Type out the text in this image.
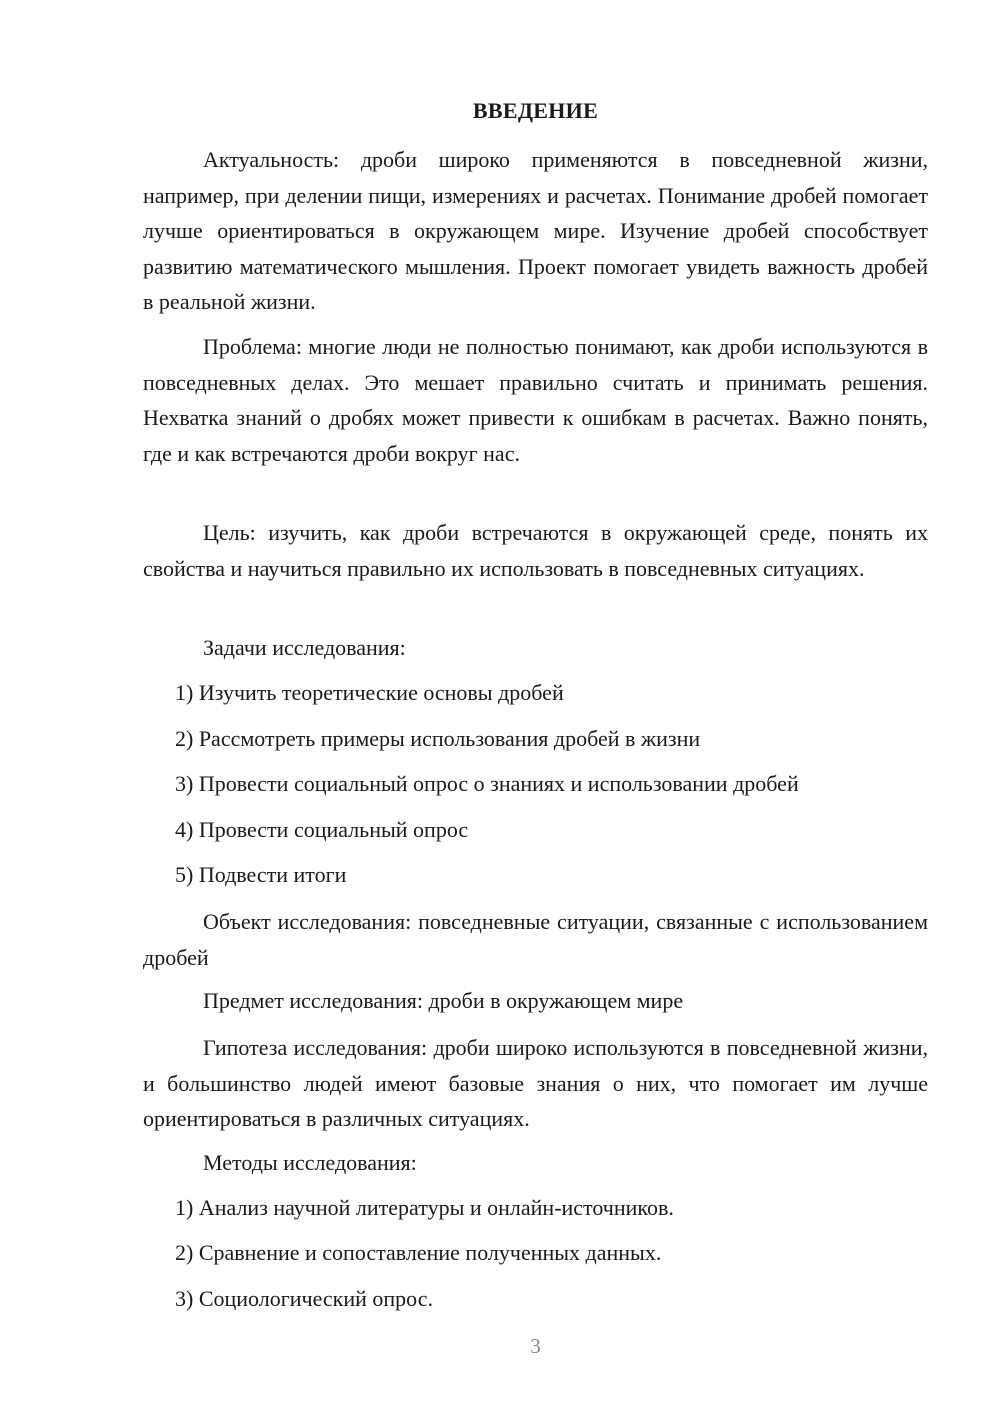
ВВЕДЕНИЕ

Актуальность: дроби широко применяются в повседневной жизни, например, при делении пищи, измерениях и расчетах. Понимание дробей помогает лучше ориентироваться в окружающем мире. Изучение дробей способствует развитию математического мышления. Проект помогает увидеть важность дробей в реальной жизни.

Проблема: многие люди не полностью понимают, как дроби используются в повседневных делах. Это мешает правильно считать и принимать решения. Нехватка знаний о дробях может привести к ошибкам в расчетах. Важно понять, где и как встречаются дроби вокруг нас.

Цель: изучить, как дроби встречаются в окружающей среде, понять их свойства и научиться правильно их использовать в повседневных ситуациях.

Задачи исследования:
1) Изучить теоретические основы дробей
2) Рассмотреть примеры использования дробей в жизни
3) Провести социальный опрос о знаниях и использовании дробей
4) Провести социальный опрос
5) Подвести итоги

Объект исследования: повседневные ситуации, связанные с использованием дробей

Предмет исследования: дроби в окружающем мире

Гипотеза исследования: дроби широко используются в повседневной жизни, и большинство людей имеют базовые знания о них, что помогает им лучше ориентироваться в различных ситуациях.

Методы исследования:
1) Анализ научной литературы и онлайн-источников.
2) Сравнение и сопоставление полученных данных.
3) Социологический опрос.
3
